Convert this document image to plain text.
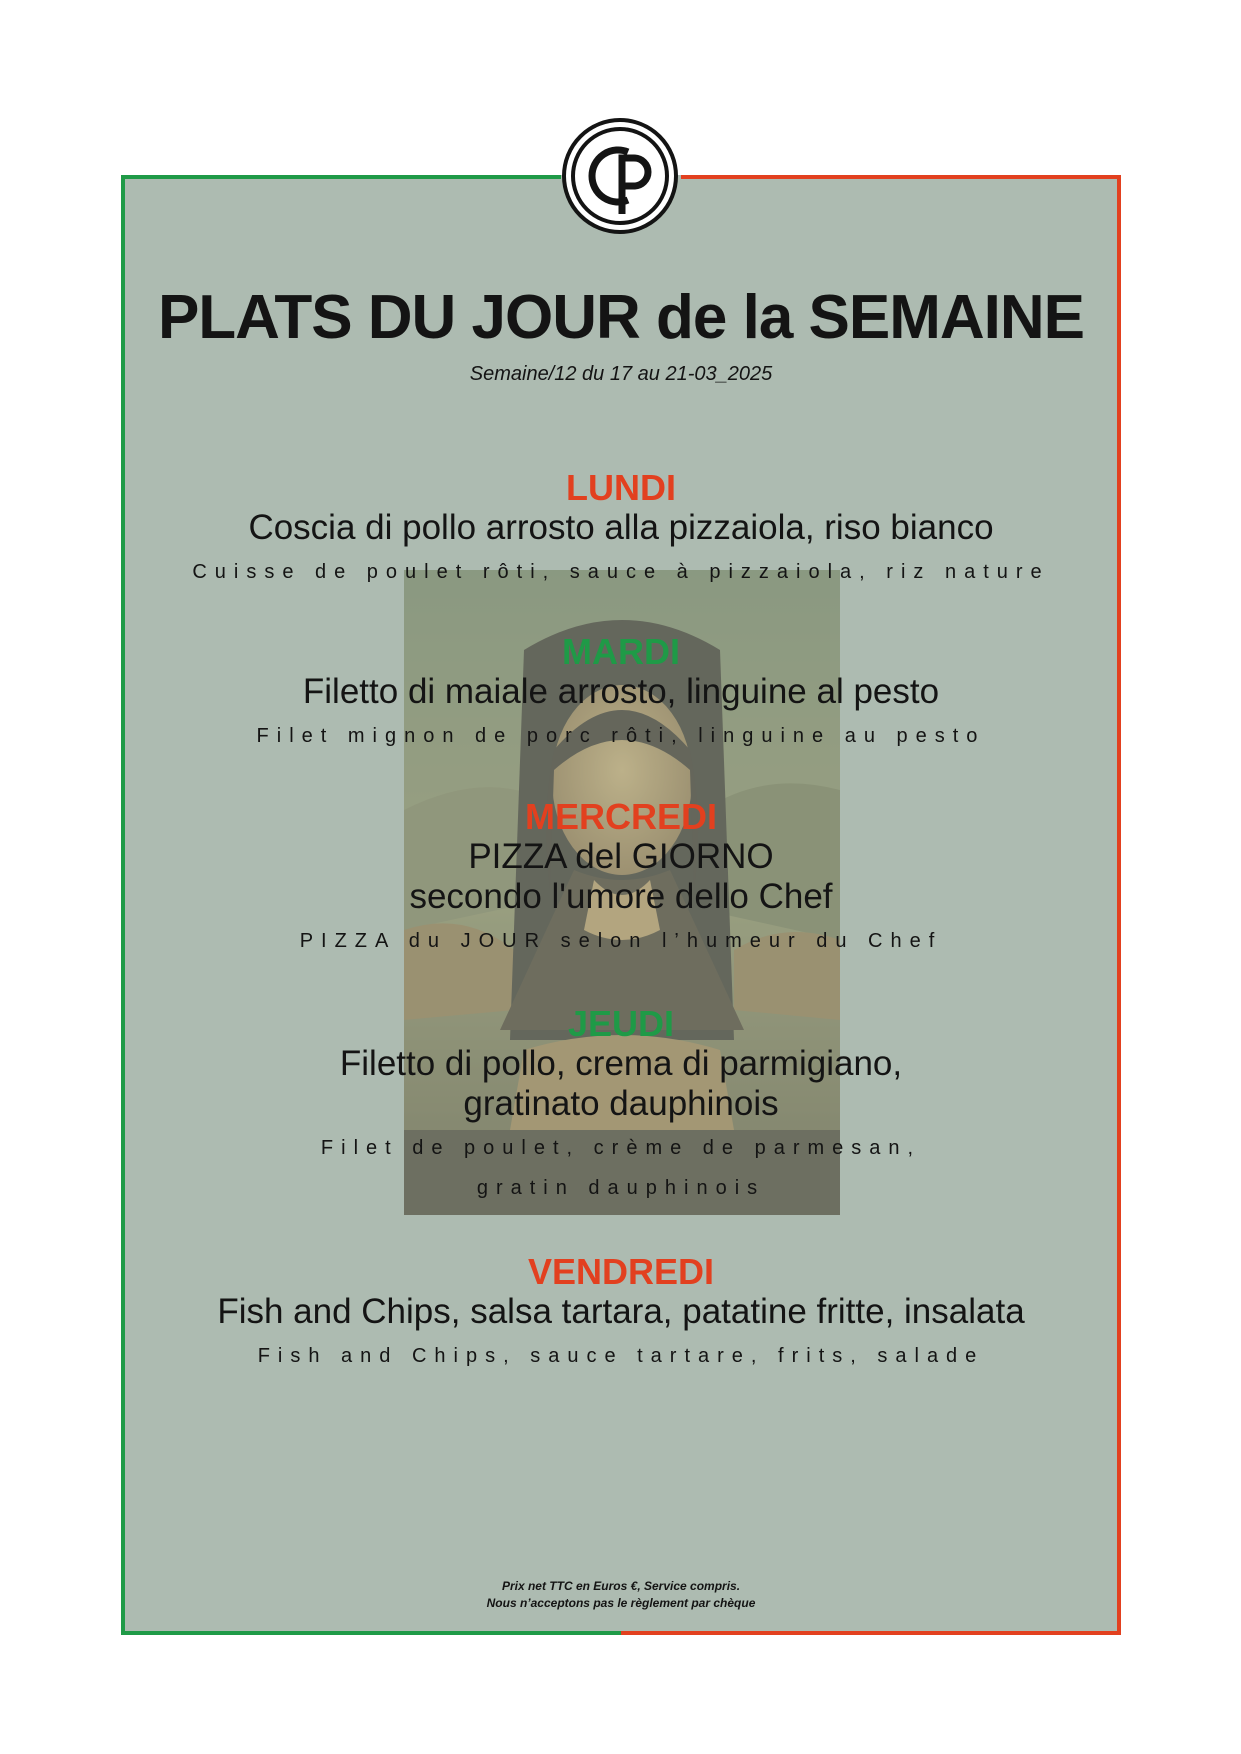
PLATS DU JOUR de la SEMAINE
Semaine/12 du 17 au 21-03_2025
LUNDI
Coscia di pollo arrosto alla pizzaiola, riso bianco
Cuisse de poulet rôti, sauce à pizzaiola, riz nature
MARDI
Filetto di maiale arrosto, linguine al pesto
Filet mignon de porc rôti, linguine au pesto
MERCREDI
PIZZA del GIORNO
secondo l'umore dello Chef
PIZZA du JOUR selon l’humeur du Chef
JEUDI
Filetto di pollo, crema di parmigiano,
gratinato dauphinois
Filet de poulet, crème de parmesan,
gratin dauphinois
VENDREDI
Fish and Chips, salsa tartara, patatine fritte, insalata
Fish and Chips, sauce tartare, frits, salade
Prix net TTC en Euros €, Service compris.
Nous n’acceptons pas le règlement par chèque
